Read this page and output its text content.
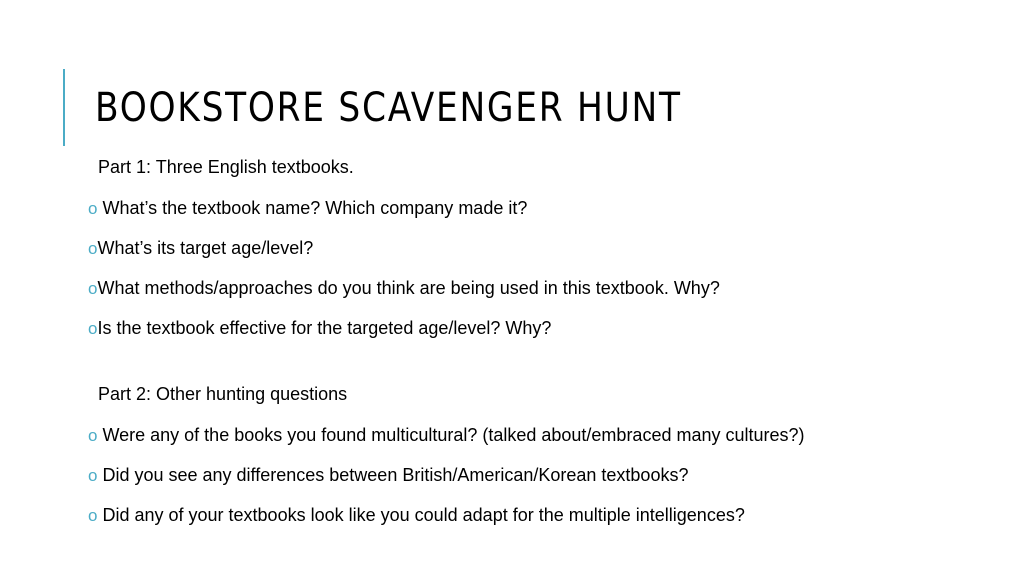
BOOKSTORE SCAVENGER HUNT
Part 1: Three English textbooks.
o What’s the textbook name? Which company made it?
oWhat’s its target age/level?
oWhat methods/approaches do you think are being used in this textbook. Why?
oIs the textbook effective for the targeted age/level? Why?
Part 2: Other hunting questions
o Were any of the books you found multicultural? (talked about/embraced many cultures?)
o Did you see any differences between British/American/Korean textbooks?
o Did any of your textbooks look like you could adapt for the multiple intelligences?
